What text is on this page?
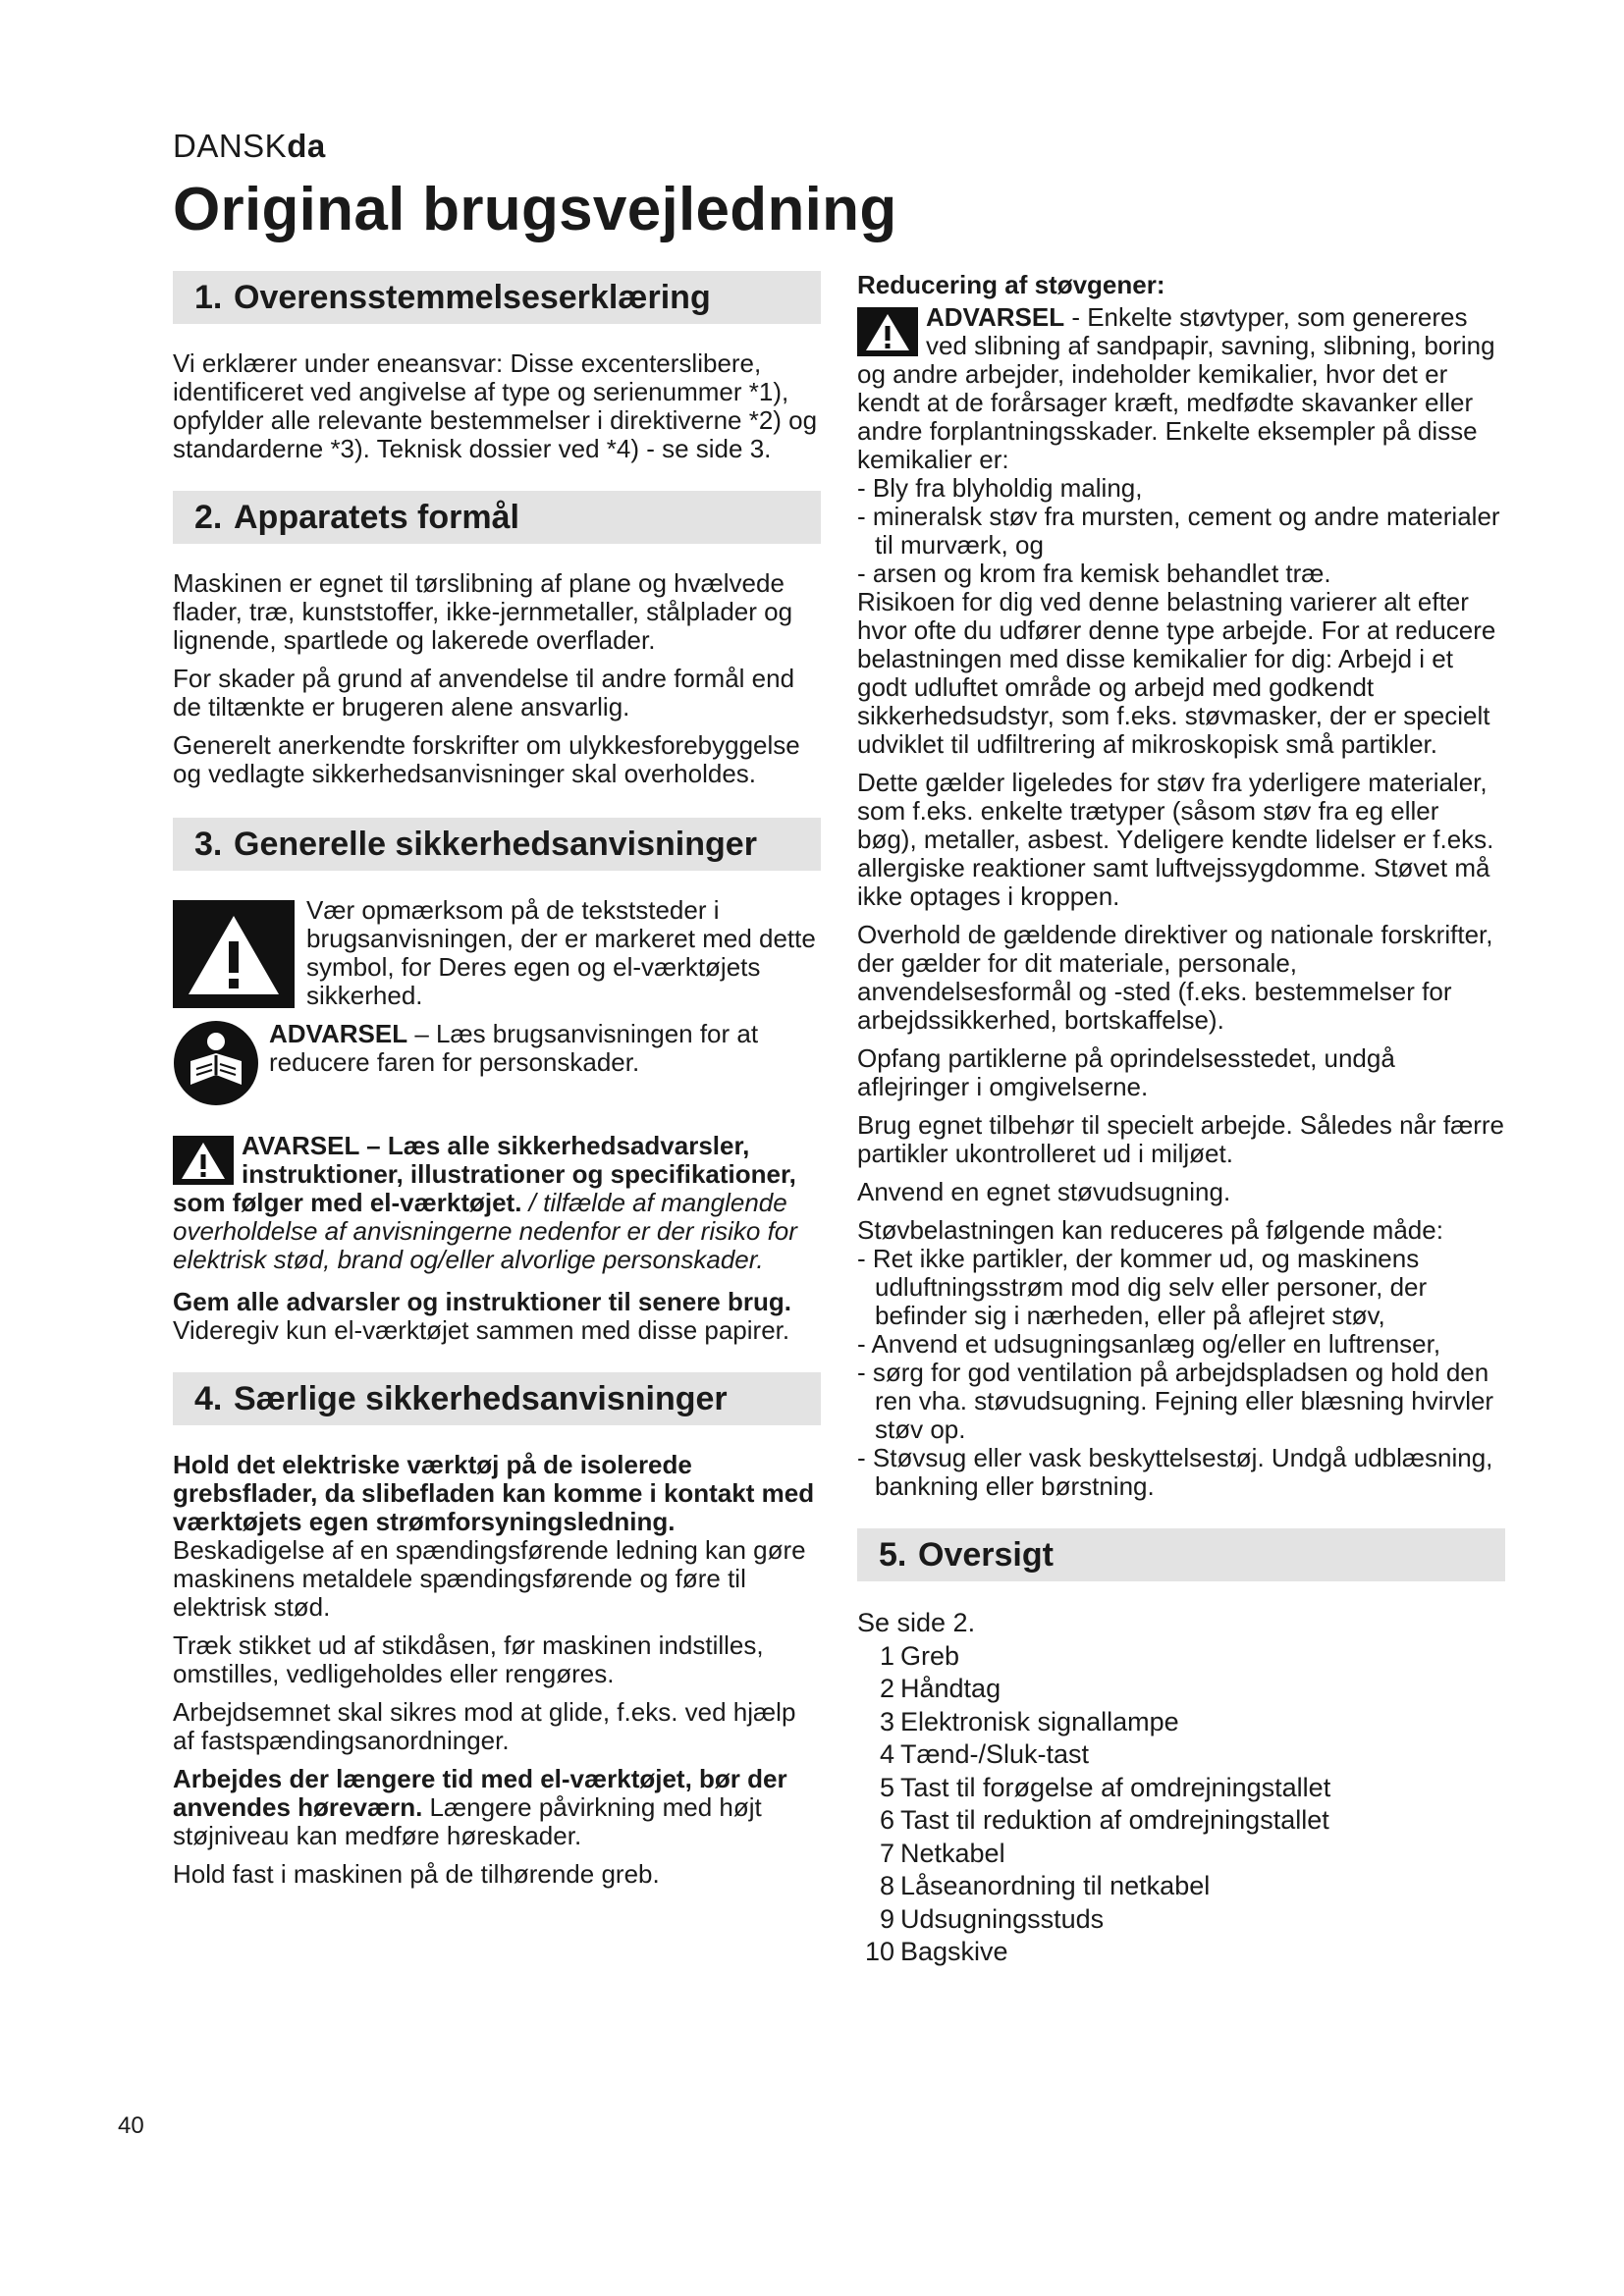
DANSKda
Original brugsvejledning
1. Overensstemmelseserklæring

Vi erklærer under eneansvar: Disse excenterslibere, identificeret ved angivelse af type og serienummer *1), opfylder alle relevante bestemmelser i direktiverne *2) og standarderne *3). Teknisk dossier ved *4) - se side 3.

2. Apparatets formål

Maskinen er egnet til tørslibning af plane og hvælvede flader, træ, kunststoffer, ikke-jernmetaller, stålplader og lignende, spartlede og lakerede overflader.

For skader på grund af anvendelse til andre formål end de tiltænkte er brugeren alene ansvarlig.

Generelt anerkendte forskrifter om ulykkesforebyggelse og vedlagte sikkerhedsanvisninger skal overholdes.

3. Generelle sikkerhedsanvisninger

Vær opmærksom på de tekststeder i brugsanvisningen, der er markeret med dette symbol, for Deres egen og el-værktøjets sikkerhed.

ADVARSEL – Læs brugsanvisningen for at reducere faren for personskader.

AVARSEL – Læs alle sikkerhedsadvarsler, instruktioner, illustrationer og specifikationer, som følger med el-værktøjet. / tilfælde af manglende overholdelse af anvisningerne nedenfor er der risiko for elektrisk stød, brand og/eller alvorlige personskader.

Gem alle advarsler og instruktioner til senere brug. Videregiv kun el-værktøjet sammen med disse papirer.

4. Særlige sikkerhedsanvisninger

Hold det elektriske værktøj på de isolerede grebsflader, da slibefladen kan komme i kontakt med værktøjets egen strømforsyningsledning. Beskadigelse af en spændingsførende ledning kan gøre maskinens metaldele spændingsførende og føre til elektrisk stød.

Træk stikket ud af stikdåsen, før maskinen indstilles, omstilles, vedligeholdes eller rengøres.

Arbejdsemnet skal sikres mod at glide, f.eks. ved hjælp af fastspændingsanordninger.

Arbejdes der længere tid med el-værktøjet, bør der anvendes høreværn. Længere påvirkning med højt støjniveau kan medføre høreskader.

Hold fast i maskinen på de tilhørende greb.

Reducering af støvgener:

ADVARSEL - Enkelte støvtyper, som genereres ved slibning af sandpapir, savning, slibning, boring og andre arbejder, indeholder kemikalier, hvor det er kendt at de forårsager kræft, medfødte skavanker eller andre forplantningsskader. Enkelte eksempler på disse kemikalier er:

- Bly fra blyholdig maling,
- mineralsk støv fra mursten, cement og andre materialer til murværk, og
- arsen og krom fra kemisk behandlet træ.

Risikoen for dig ved denne belastning varierer alt efter hvor ofte du udfører denne type arbejde. For at reducere belastningen med disse kemikalier for dig: Arbejd i et godt udluftet område og arbejd med godkendt sikkerhedsudstyr, som f.eks. støvmasker, der er specielt udviklet til udfiltrering af mikroskopisk små partikler.

Dette gælder ligeledes for støv fra yderligere materialer, som f.eks. enkelte trætyper (såsom støv fra eg eller bøg), metaller, asbest. Ydeligere kendte lidelser er f.eks. allergiske reaktioner samt luftvejssygdomme. Støvet må ikke optages i kroppen.

Overhold de gældende direktiver og nationale forskrifter, der gælder for dit materiale, personale, anvendelsesformål og -sted (f.eks. bestemmelser for arbejdssikkerhed, bortskaffelse).

Opfang partiklerne på oprindelsesstedet, undgå aflejringer i omgivelserne.

Brug egnet tilbehør til specielt arbejde. Således når færre partikler ukontrolleret ud i miljøet.

Anvend en egnet støvudsugning.

Støvbelastningen kan reduceres på følgende måde:

- Ret ikke partikler, der kommer ud, og maskinens udluftningsstrøm mod dig selv eller personer, der befinder sig i nærheden, eller på aflejret støv,
- Anvend et udsugningsanlæg og/eller en luftrenser,
- sørg for god ventilation på arbejdspladsen og hold den ren vha. støvudsugning. Fejning eller blæsning hvirvler støv op.
- Støvsug eller vask beskyttelsestøj. Undgå udblæsning, bankning eller børstning.
5. Oversigt

Se side 2.

1 Greb
2 Håndtag
3 Elektronisk signallampe
4 Tænd-/Sluk-tast
5 Tast til forøgelse af omdrejningstallet
6 Tast til reduktion af omdrejningstallet
7 Netkabel
8 Låseanordning til netkabel
9 Udsugningsstuds
10 Bagskive
40
